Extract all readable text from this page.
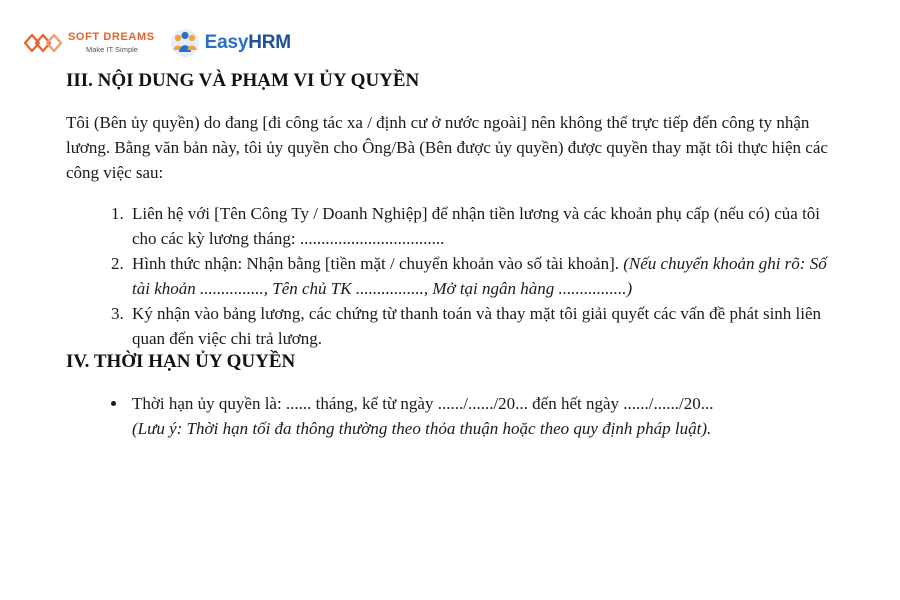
SOFT DREAMS
Make IT Simple	EasyHRM
III. NỘI DUNG VÀ PHẠM VI ỦY QUYỀN

Tôi (Bên ủy quyền) do đang [đi công tác xa / định cư ở nước ngoài] nên không thể trực tiếp đến công ty nhận lương. Bằng văn bản này, tôi ủy quyền cho Ông/Bà (Bên được ủy quyền) được quyền thay mặt tôi thực hiện các công việc sau:

1. Liên hệ với [Tên Công Ty / Doanh Nghiệp] để nhận tiền lương và các khoản phụ cấp (nếu có) của tôi cho các kỳ lương tháng: ..................................
2. Hình thức nhận: Nhận bằng [tiền mặt / chuyển khoản vào số tài khoản]. (Nếu chuyển khoản ghi rõ: Số tài khoản ..............., Tên chủ TK ................, Mở tại ngân hàng ................)
3. Ký nhận vào bảng lương, các chứng từ thanh toán và thay mặt tôi giải quyết các vấn đề phát sinh liên quan đến việc chi trả lương.
IV. THỜI HẠN ỦY QUYỀN
• Thời hạn ủy quyền là: ...... tháng, kể từ ngày ....../....../20... đến hết ngày ....../....../20...
(Lưu ý: Thời hạn tối đa thông thường theo thỏa thuận hoặc theo quy định pháp luật).
